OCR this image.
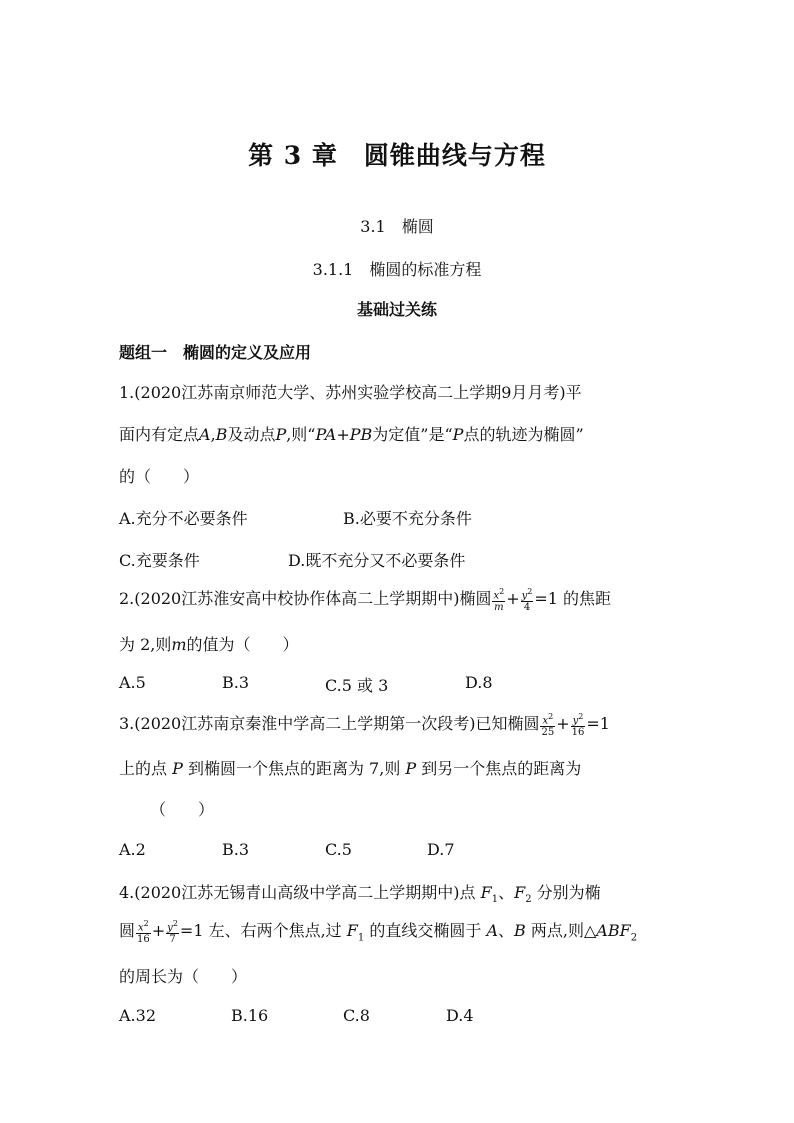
第 3 章　圆锥曲线与方程
3.1　椭圆
3.1.1　椭圆的标准方程
基础过关练
题组一　椭圆的定义及应用
1.(2020江苏南京师范大学、苏州实验学校高二上学期9月月考)平
面内有定点A,B及动点P,则“PA+PB为定值”是“P点的轨迹为椭圆”
的（　　）
A.充分不必要条件	B.必要不充分条件
C.充要条件	D.既不充分又不必要条件
2.(2020江苏淮安高中校协作体高二上学期期中)椭圆 $\frac{x^2}{m} + \frac{y^2}{4} =1$ 的焦距
为 2,则m的值为（　　）
A.5	B.3	C.5 或 3	D.8
3.(2020江苏南京秦淮中学高二上学期第一次段考)已知椭圆 $\frac{x^2}{25} + \frac{y^2}{16} =1$
上的点 P 到椭圆一个焦点的距离为 7,则 P 到另一个焦点的距离为
（　　）
A.2	B.3	C.5	D.7
4.(2020江苏无锡青山高级中学高二上学期期中)点 $F_1$、$F_2$ 分别为椭
圆 $\frac{x^2}{16} + \frac{y^2}{7} =1$ 左、右两个焦点,过 $F_1$ 的直线交椭圆于 A、B 两点,则$\triangle ABF_2$
的周长为（　　）
A.32	B.16	C.8	D.4
